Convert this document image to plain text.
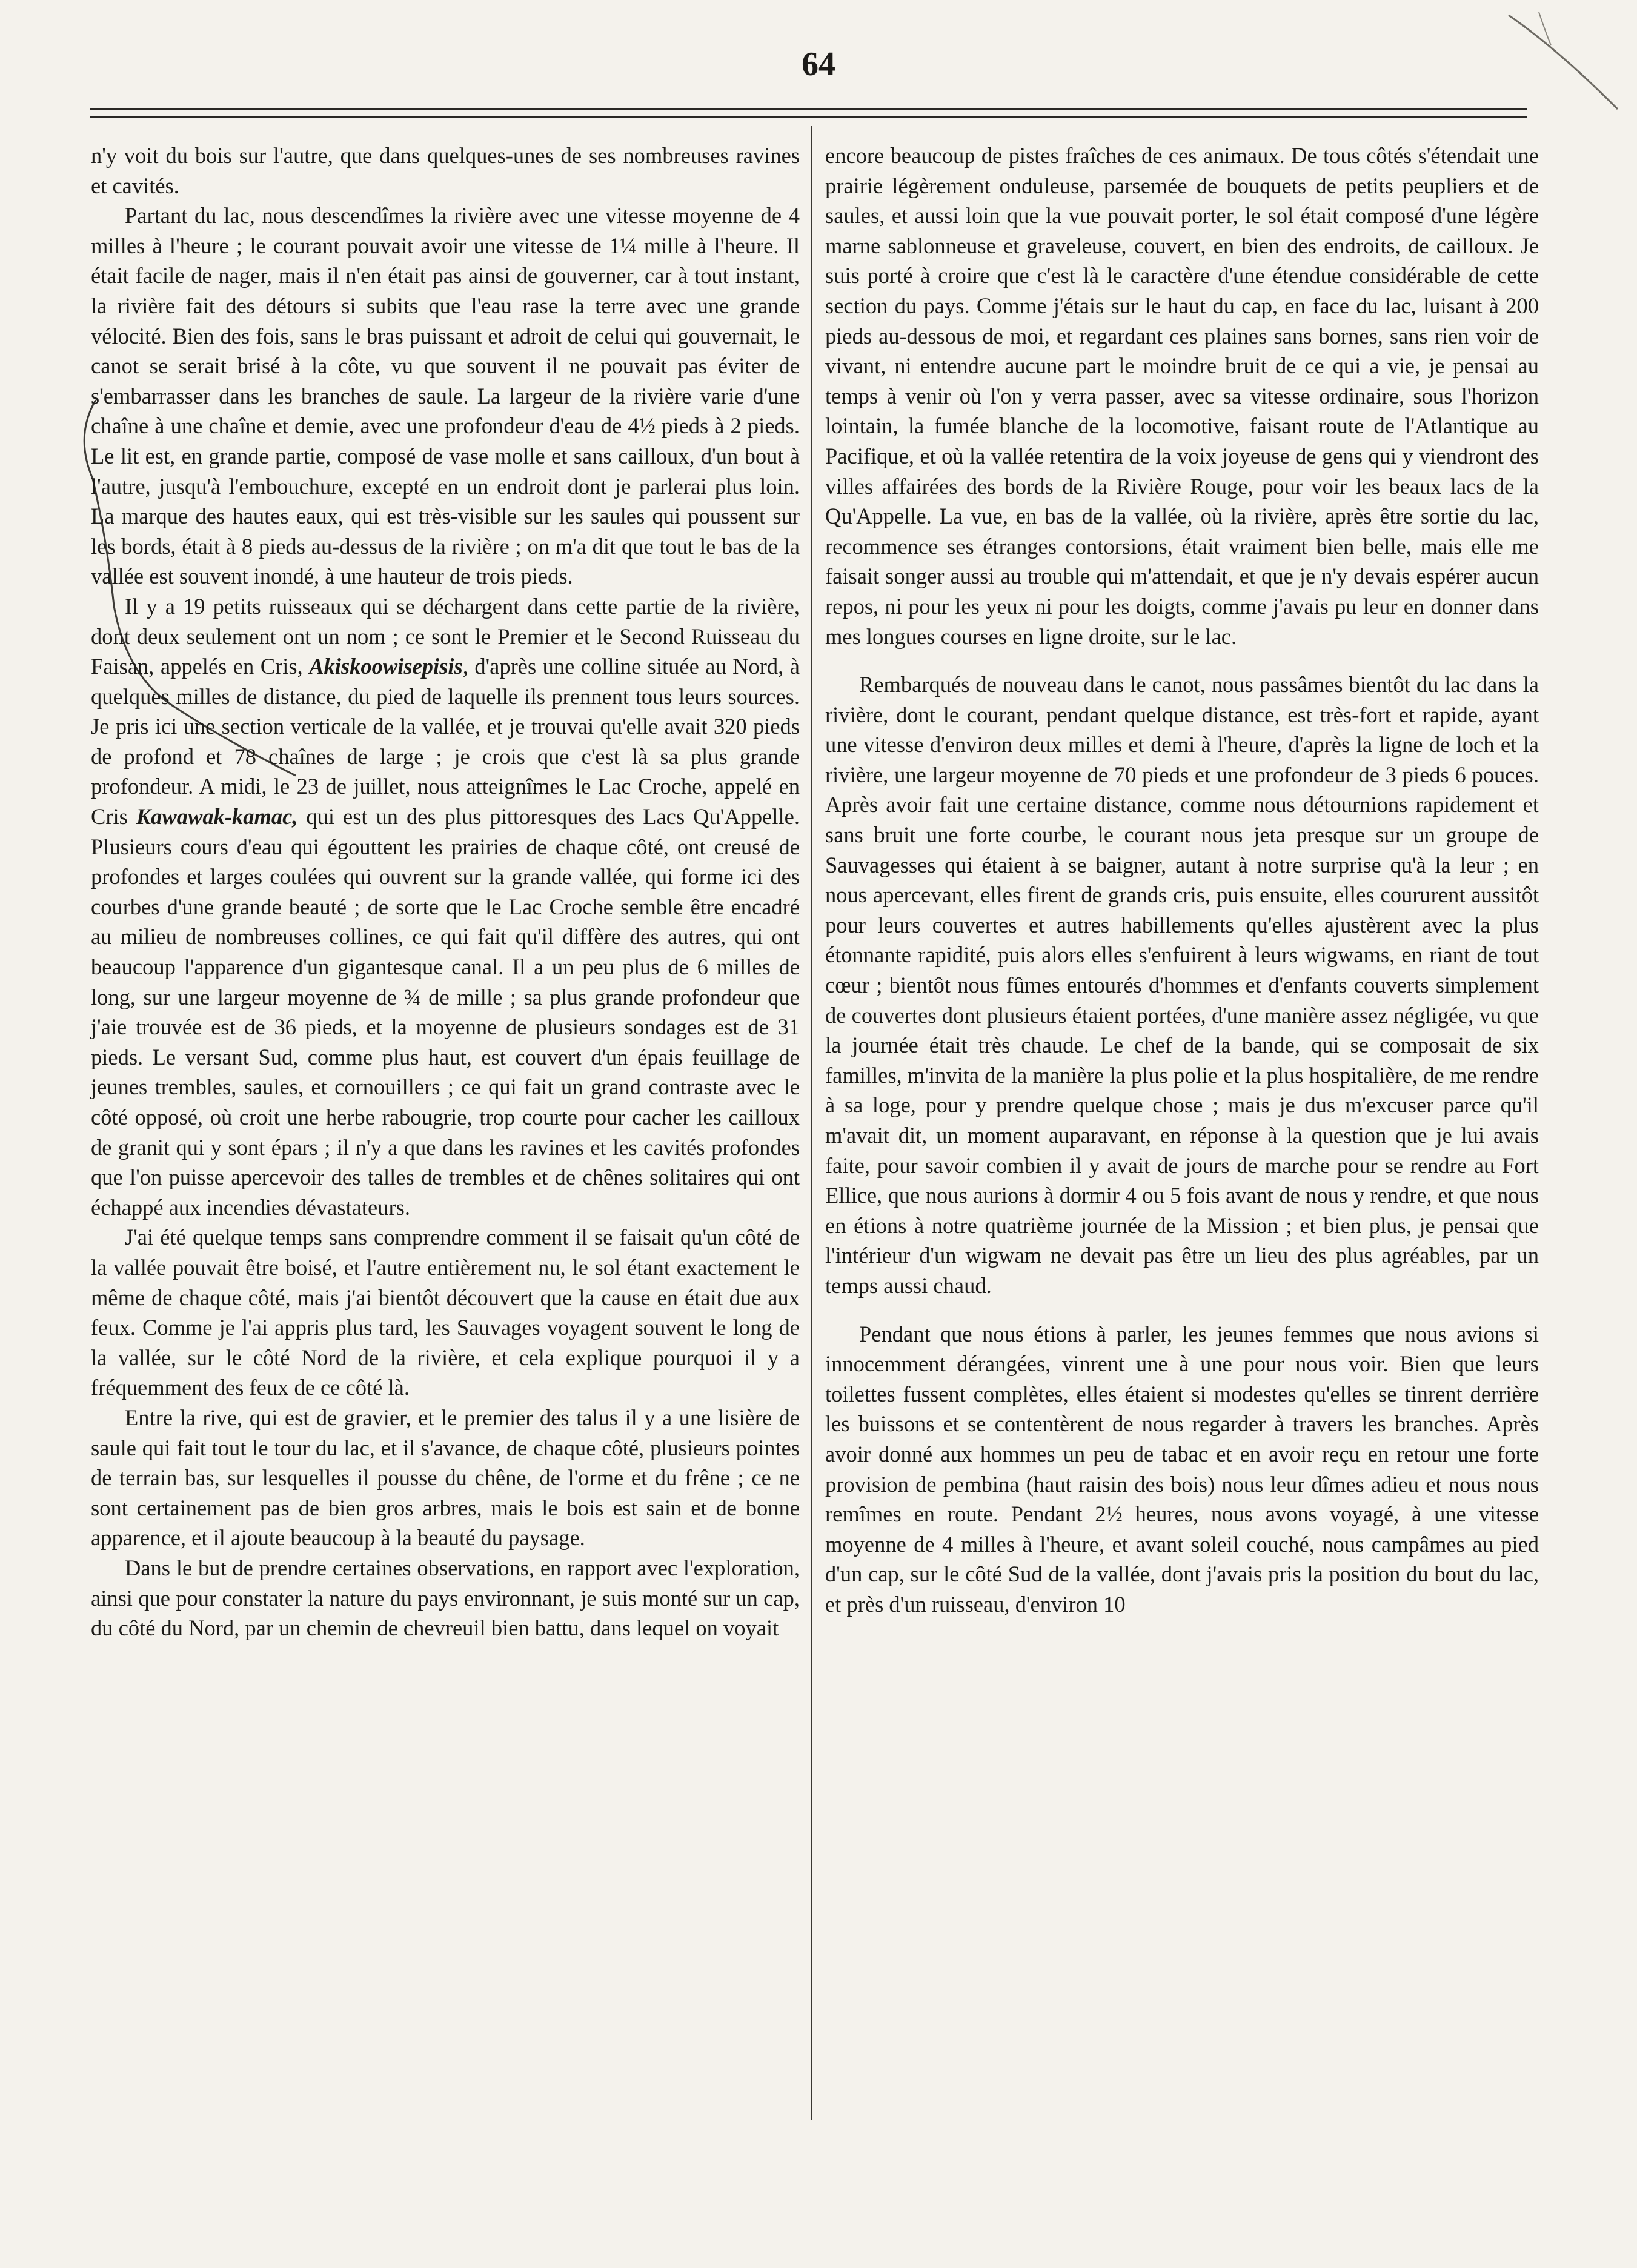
64

n'y voit du bois sur l'autre, que dans quelques-unes de ses nombreuses ravines et cavités.

Partant du lac, nous descendîmes la rivière avec une vitesse moyenne de 4 milles à l'heure ; le courant pouvait avoir une vitesse de 1¼ mille à l'heure. Il était facile de nager, mais il n'en était pas ainsi de gouverner, car à tout instant, la rivière fait des détours si subits que l'eau rase la terre avec une grande vélocité. Bien des fois, sans le bras puissant et adroit de celui qui gouvernait, le canot se serait brisé à la côte, vu que souvent il ne pouvait pas éviter de s'embarrasser dans les branches de saule. La largeur de la rivière varie d'une chaîne à une chaîne et demie, avec une profondeur d'eau de 4½ pieds à 2 pieds. Le lit est, en grande partie, composé de vase molle et sans cailloux, d'un bout à l'autre, jusqu'à l'embouchure, excepté en un endroit dont je parlerai plus loin. La marque des hautes eaux, qui est très-visible sur les saules qui poussent sur les bords, était à 8 pieds au-dessus de la rivière ; on m'a dit que tout le bas de la vallée est souvent inondé, à une hauteur de trois pieds.

Il y a 19 petits ruisseaux qui se déchargent dans cette partie de la rivière, dont deux seulement ont un nom ; ce sont le Premier et le Second Ruisseau du Faisan, appelés en Cris, Akiskoowisepisis, d'après une colline située au Nord, à quelques milles de distance, du pied de laquelle ils prennent tous leurs sources. Je pris ici une section verticale de la vallée, et je trouvai qu'elle avait 320 pieds de profond et 78 chaînes de large ; je crois que c'est là sa plus grande profondeur. A midi, le 23 de juillet, nous atteignîmes le Lac Croche, appelé en Cris Kawawak-kamac, qui est un des plus pittoresques des Lacs Qu'Appelle. Plusieurs cours d'eau qui égouttent les prairies de chaque côté, ont creusé de profondes et larges coulées qui ouvrent sur la grande vallée, qui forme ici des courbes d'une grande beauté ; de sorte que le Lac Croche semble être encadré au milieu de nombreuses collines, ce qui fait qu'il diffère des autres, qui ont beaucoup l'apparence d'un gigantesque canal. Il a un peu plus de 6 milles de long, sur une largeur moyenne de ¾ de mille ; sa plus grande profondeur que j'aie trouvée est de 36 pieds, et la moyenne de plusieurs sondages est de 31 pieds. Le versant Sud, comme plus haut, est couvert d'un épais feuillage de jeunes trembles, saules, et cornouillers ; ce qui fait un grand contraste avec le côté opposé, où croit une herbe rabougrie, trop courte pour cacher les cailloux de granit qui y sont épars ; il n'y a que dans les ravines et les cavités profondes que l'on puisse apercevoir des talles de trembles et de chênes solitaires qui ont échappé aux incendies dévastateurs.

J'ai été quelque temps sans comprendre comment il se faisait qu'un côté de la vallée pouvait être boisé, et l'autre entièrement nu, le sol étant exactement le même de chaque côté, mais j'ai bientôt découvert que la cause en était due aux feux. Comme je l'ai appris plus tard, les Sauvages voyagent souvent le long de la vallée, sur le côté Nord de la rivière, et cela explique pourquoi il y a fréquemment des feux de ce côté là.

Entre la rive, qui est de gravier, et le premier des talus il y a une lisière de saule qui fait tout le tour du lac, et il s'avance, de chaque côté, plusieurs pointes de terrain bas, sur lesquelles il pousse du chêne, de l'orme et du frêne ; ce ne sont certainement pas de bien gros arbres, mais le bois est sain et de bonne apparence, et il ajoute beaucoup à la beauté du paysage.

Dans le but de prendre certaines observations, en rapport avec l'exploration, ainsi que pour constater la nature du pays environnant, je suis monté sur un cap, du côté du Nord, par un chemin de chevreuil bien battu, dans lequel on voyait

encore beaucoup de pistes fraîches de ces animaux. De tous côtés s'étendait une prairie légèrement onduleuse, parsemée de bouquets de petits peupliers et de saules, et aussi loin que la vue pouvait porter, le sol était composé d'une légère marne sablonneuse et graveleuse, couvert, en bien des endroits, de cailloux. Je suis porté à croire que c'est là le caractère d'une étendue considérable de cette section du pays. Comme j'étais sur le haut du cap, en face du lac, luisant à 200 pieds au-dessous de moi, et regardant ces plaines sans bornes, sans rien voir de vivant, ni entendre aucune part le moindre bruit de ce qui a vie, je pensai au temps à venir où l'on y verra passer, avec sa vitesse ordinaire, sous l'horizon lointain, la fumée blanche de la locomotive, faisant route de l'Atlantique au Pacifique, et où la vallée retentira de la voix joyeuse de gens qui y viendront des villes affairées des bords de la Rivière Rouge, pour voir les beaux lacs de la Qu'Appelle. La vue, en bas de la vallée, où la rivière, après être sortie du lac, recommence ses étranges contorsions, était vraiment bien belle, mais elle me faisait songer aussi au trouble qui m'attendait, et que je n'y devais espérer aucun repos, ni pour les yeux ni pour les doigts, comme j'avais pu leur en donner dans mes longues courses en ligne droite, sur le lac.

Rembarqués de nouveau dans le canot, nous passâmes bientôt du lac dans la rivière, dont le courant, pendant quelque distance, est très-fort et rapide, ayant une vitesse d'environ deux milles et demi à l'heure, d'après la ligne de loch et la rivière, une largeur moyenne de 70 pieds et une profondeur de 3 pieds 6 pouces. Après avoir fait une certaine distance, comme nous détournions rapidement et sans bruit une forte courbe, le courant nous jeta presque sur un groupe de Sauvagesses qui étaient à se baigner, autant à notre surprise qu'à la leur ; en nous apercevant, elles firent de grands cris, puis ensuite, elles coururent aussitôt pour leurs couvertes et autres habillements qu'elles ajustèrent avec la plus étonnante rapidité, puis alors elles s'enfuirent à leurs wigwams, en riant de tout cœur ; bientôt nous fûmes entourés d'hommes et d'enfants couverts simplement de couvertes dont plusieurs étaient portées, d'une manière assez négligée, vu que la journée était très chaude. Le chef de la bande, qui se composait de six familles, m'invita de la manière la plus polie et la plus hospitalière, de me rendre à sa loge, pour y prendre quelque chose ; mais je dus m'excuser parce qu'il m'avait dit, un moment auparavant, en réponse à la question que je lui avais faite, pour savoir combien il y avait de jours de marche pour se rendre au Fort Ellice, que nous aurions à dormir 4 ou 5 fois avant de nous y rendre, et que nous en étions à notre quatrième journée de la Mission ; et bien plus, je pensai que l'intérieur d'un wigwam ne devait pas être un lieu des plus agréables, par un temps aussi chaud.

Pendant que nous étions à parler, les jeunes femmes que nous avions si innocemment dérangées, vinrent une à une pour nous voir. Bien que leurs toilettes fussent complètes, elles étaient si modestes qu'elles se tinrent derrière les buissons et se contentèrent de nous regarder à travers les branches. Après avoir donné aux hommes un peu de tabac et en avoir reçu en retour une forte provision de pembina (haut raisin des bois) nous leur dîmes adieu et nous nous remîmes en route. Pendant 2½ heures, nous avons voyagé, à une vitesse moyenne de 4 milles à l'heure, et avant soleil couché, nous campâmes au pied d'un cap, sur le côté Sud de la vallée, dont j'avais pris la position du bout du lac, et près d'un ruisseau, d'environ 10
